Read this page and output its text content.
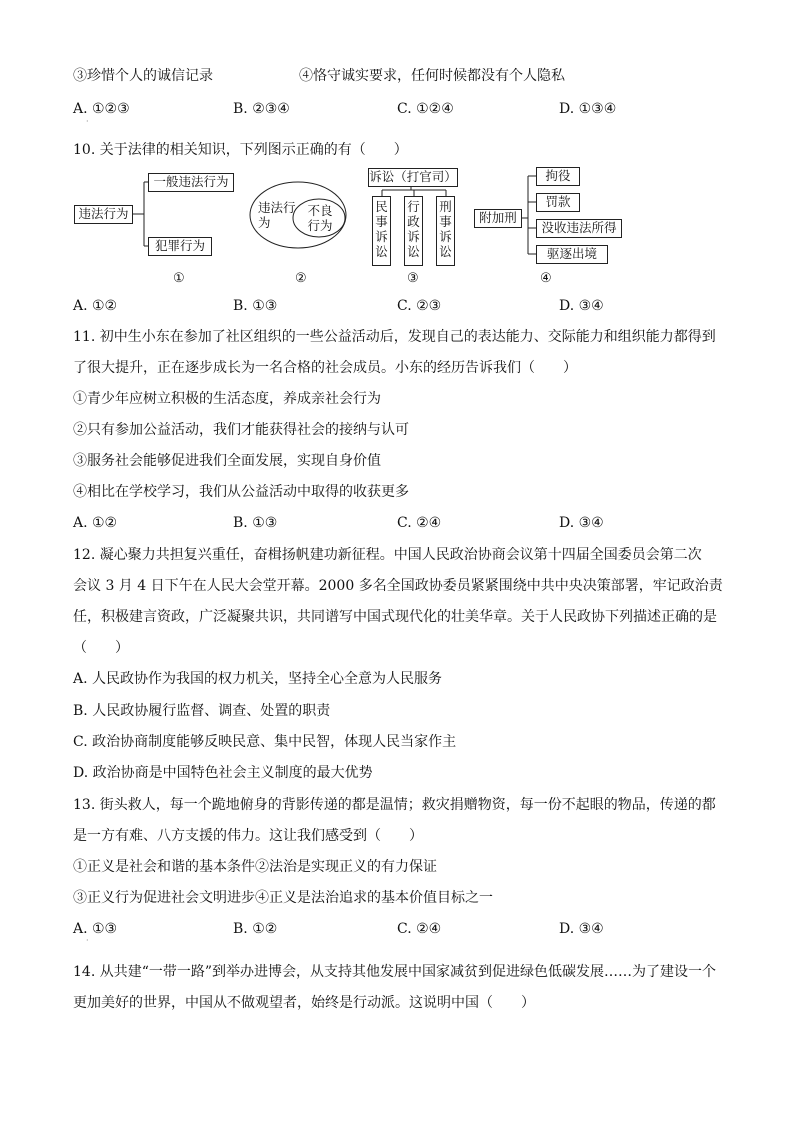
③珍惜个人的诚信记录	④恪守诚实要求，任何时候都没有个人隐私
A. ①②③	B. ②③④	C. ①②④	D. ①③④
·
10. 关于法律的相关知识，下列图示正确的有（　　）
违法行为
一般违法行为
犯罪行为
①
违法行为
不良行为
②
诉讼（打官司）
民
事
诉
讼
行
政
诉
讼
刑
事
诉
讼
③
附加刑
拘役
罚款
没收违法所得
驱逐出境
④
A. ①②	B. ①③	C. ②③	D. ③④
11. 初中生小东在参加了社区组织的一些公益活动后，发现自己的表达能力、交际能力和组织能力都得到
了很大提升，正在逐步成长为一名合格的社会成员。小东的经历告诉我们（　　）
①青少年应树立积极的生活态度，养成亲社会行为
②只有参加公益活动，我们才能获得社会的接纳与认可
③服务社会能够促进我们全面发展，实现自身价值
④相比在学校学习，我们从公益活动中取得的收获更多
A. ①②	B. ①③	C. ②④	D. ③④
12. 凝心聚力共担复兴重任，奋楫扬帆建功新征程。中国人民政治协商会议第十四届全国委员会第二次
会议 3 月 4 日下午在人民大会堂开幕。2000 多名全国政协委员紧紧围绕中共中央决策部署，牢记政治责
任，积极建言资政，广泛凝聚共识，共同谱写中国式现代化的壮美华章。关于人民政协下列描述正确的是
（　　）
A. 人民政协作为我国的权力机关，坚持全心全意为人民服务
B. 人民政协履行监督、调查、处置的职责
C. 政治协商制度能够反映民意、集中民智，体现人民当家作主
D. 政治协商是中国特色社会主义制度的最大优势
13. 街头救人，每一个跪地俯身的背影传递的都是温情；救灾捐赠物资，每一份不起眼的物品，传递的都
是一方有难、八方支援的伟力。这让我们感受到（　　）
①正义是社会和谐的基本条件②法治是实现正义的有力保证
③正义行为促进社会文明进步④正义是法治追求的基本价值目标之一
A. ①③	B. ①②	C. ②④	D. ③④
·
14. 从共建“一带一路”到举办进博会，从支持其他发展中国家减贫到促进绿色低碳发展……为了建设一个
更加美好的世界，中国从不做观望者，始终是行动派。这说明中国（　　）
